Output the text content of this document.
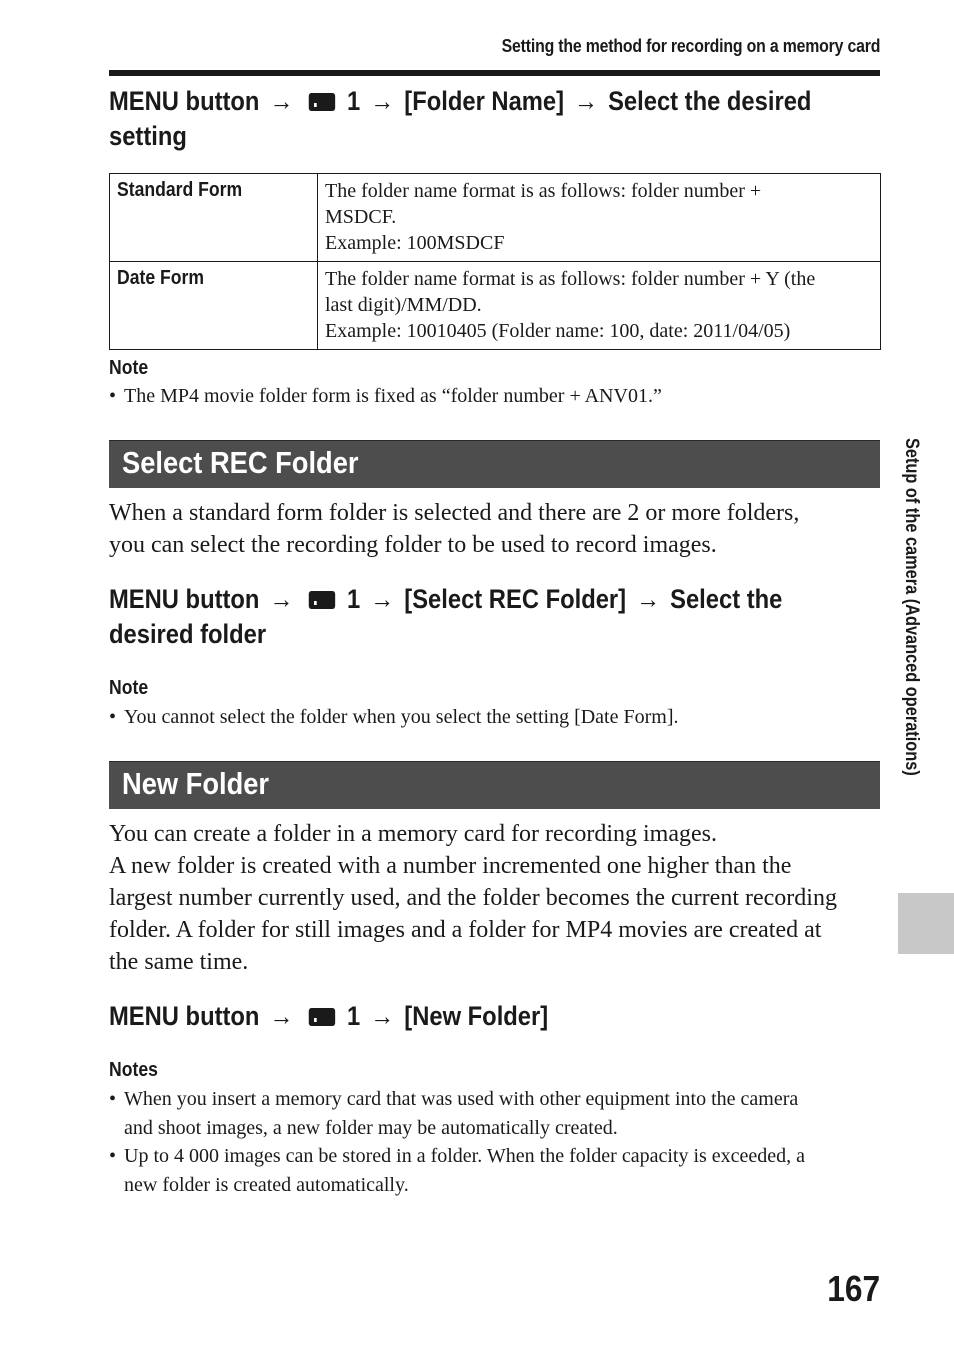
Setting the method for recording on a memory card
MENU button → 1 → [Folder Name] → Select the desired
setting
Standard Form	The folder name format is as follows: folder number +
MSDCF.
Example: 100MSDCF

Date Form	The folder name format is as follows: folder number + Y (the
last digit)/MM/DD.
Example: 10010405 (Folder name: 100, date: 2011/04/05)
Note
• The MP4 movie folder form is fixed as “folder number + ANV01.”
Select REC Folder
When a standard form folder is selected and there are 2 or more folders,
you can select the recording folder to be used to record images.
MENU button → 1 → [Select REC Folder] → Select the
desired folder
Note
• You cannot select the folder when you select the setting [Date Form].
New Folder
You can create a folder in a memory card for recording images.
A new folder is created with a number incremented one higher than the
largest number currently used, and the folder becomes the current recording
folder. A folder for still images and a folder for MP4 movies are created at
the same time.
MENU button → 1 → [New Folder]
Notes
• When you insert a memory card that was used with other equipment into the camera
and shoot images, a new folder may be automatically created.
• Up to 4 000 images can be stored in a folder. When the folder capacity is exceeded, a
new folder is created automatically.
Setup of the camera (Advanced operations)
167
